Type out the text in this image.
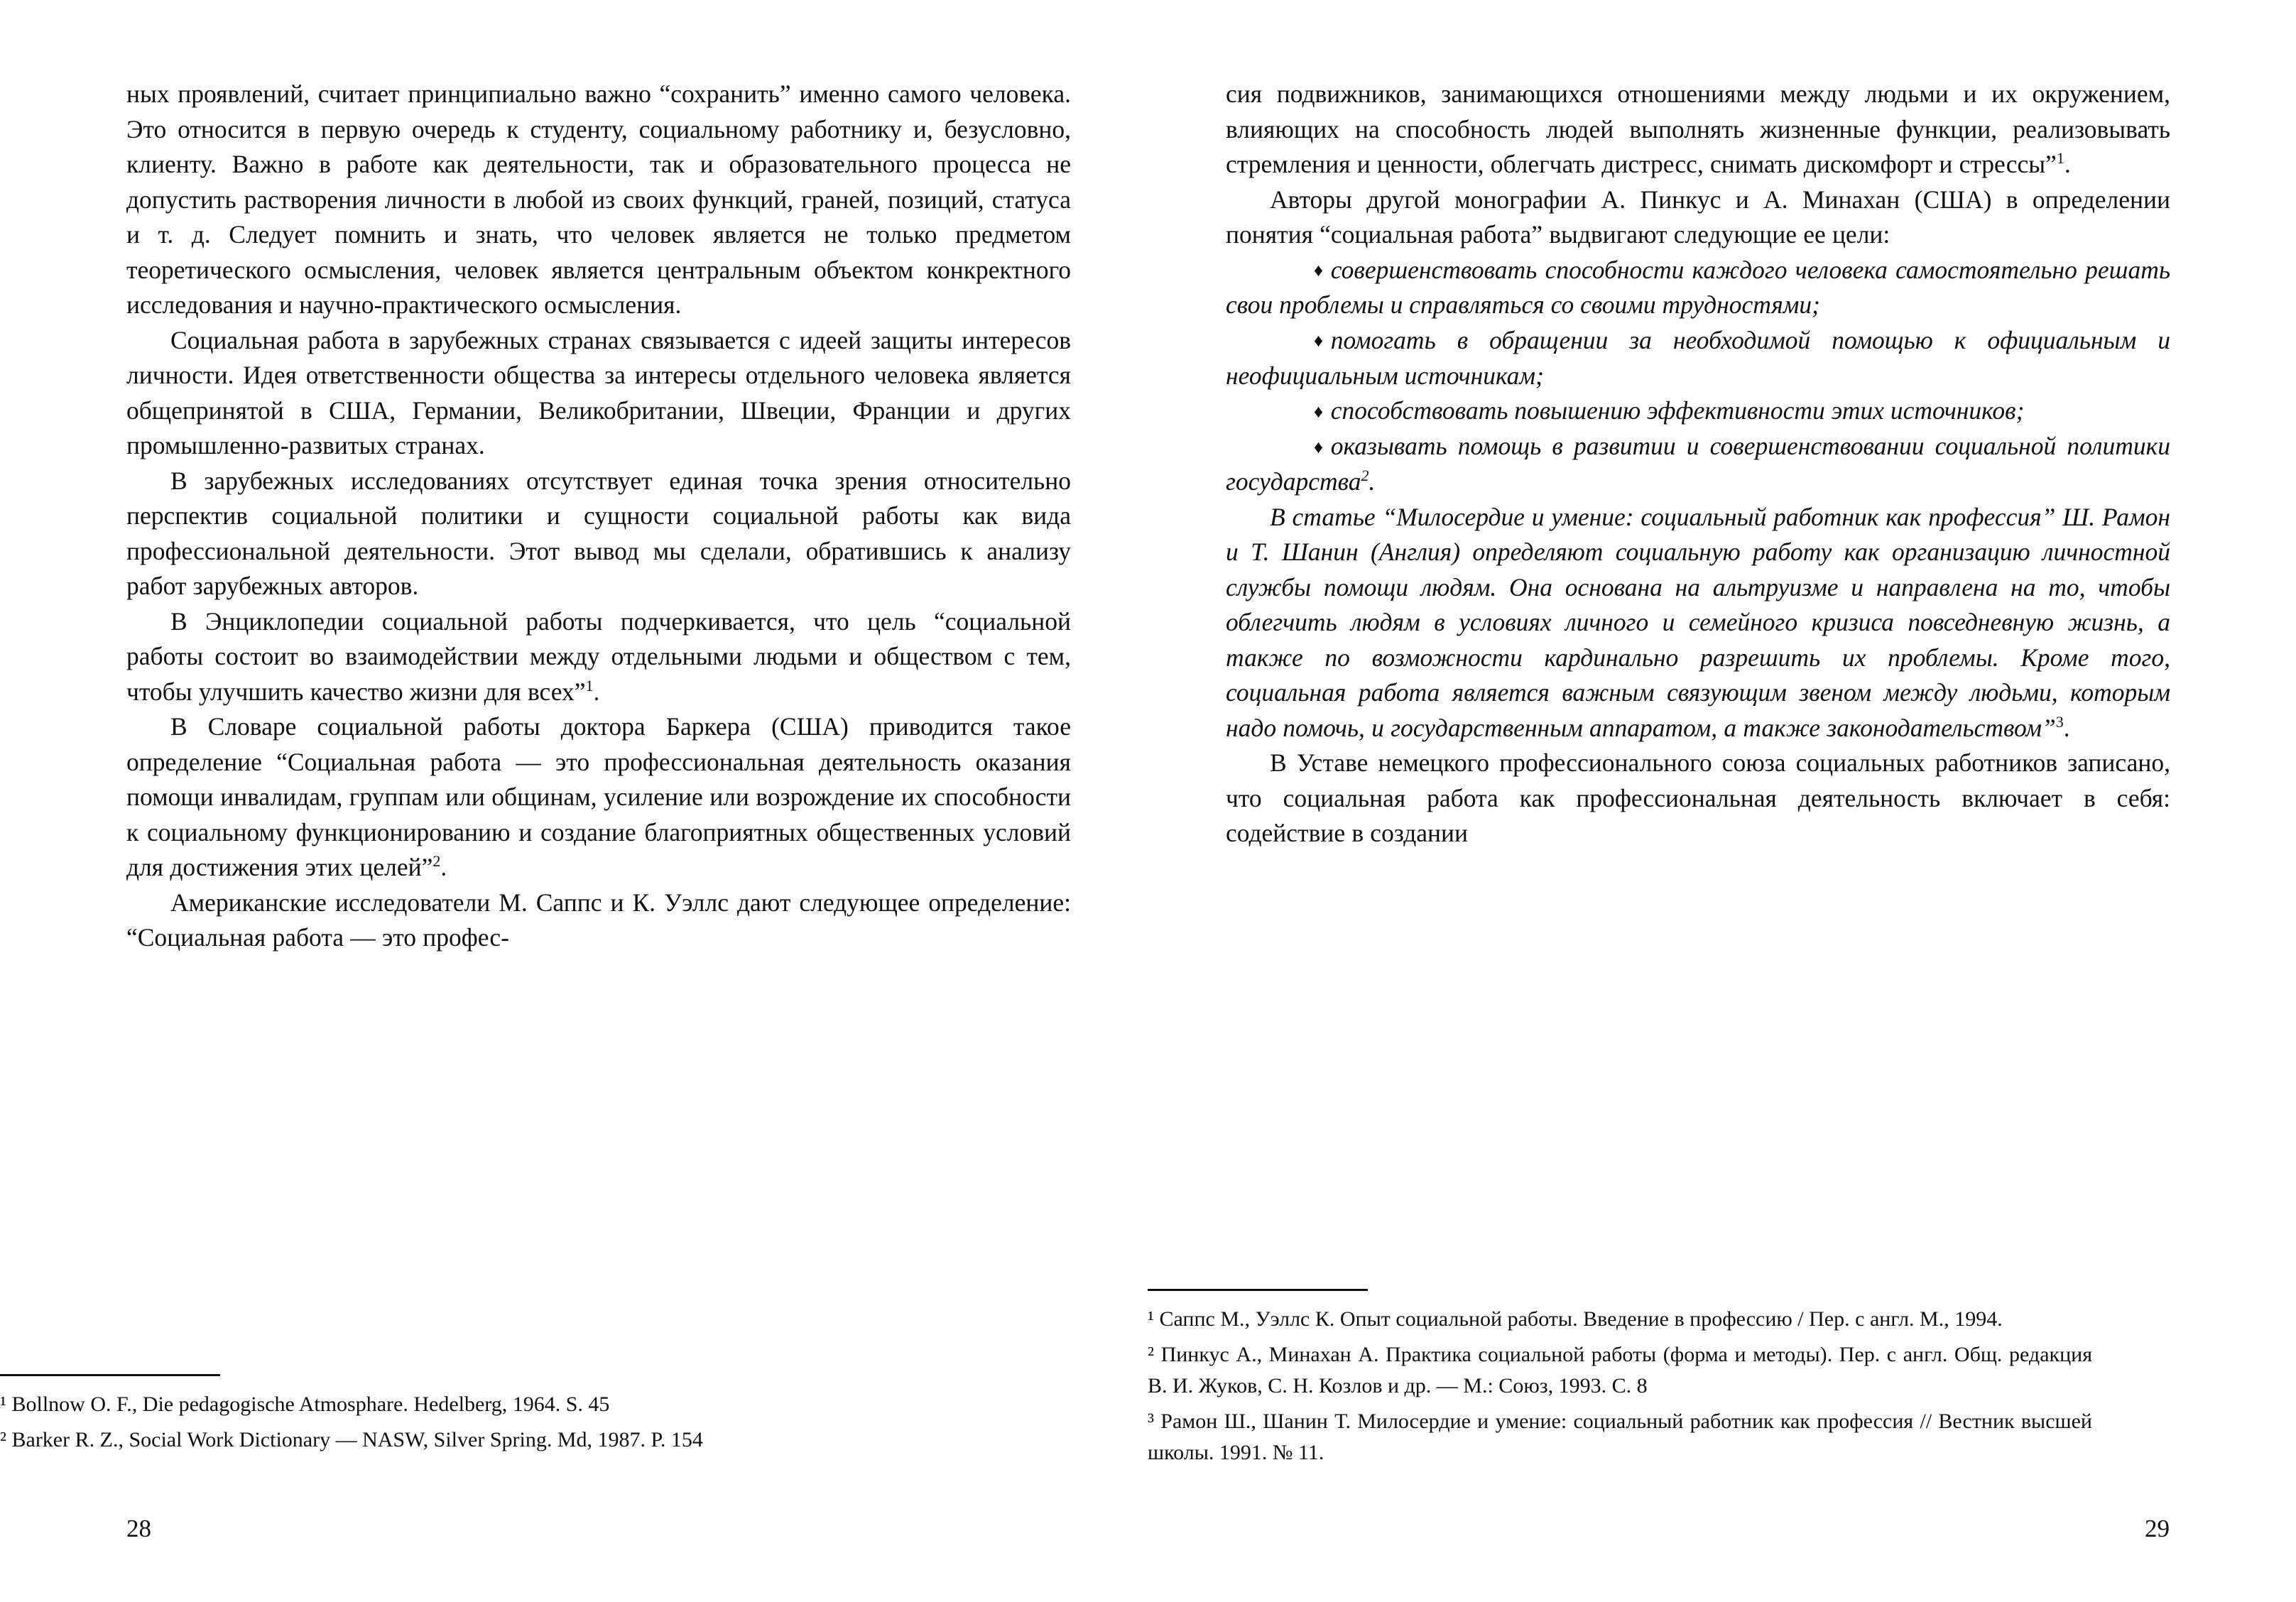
ных проявлений, считает принципиально важно “сохранить” именно самого человека. Это относится в первую очередь к студенту, социальному работнику и, безусловно, клиенту. Важно в работе как деятельности, так и образовательного процесса не допустить растворения личности в любой из своих функций, граней, позиций, статуса и т. д. Следует помнить и знать, что человек является не только предметом теоретического осмысления, человек является центральным объектом конкректного исследования и научно-практического осмысления.

Социальная работа в зарубежных странах связывается с идеей защиты интересов личности. Идея ответственности общества за интересы отдельного человека является общепринятой в США, Германии, Великобритании, Швеции, Франции и других промышленно-развитых странах.

В зарубежных исследованиях отсутствует единая точка зрения относительно перспектив социальной политики и сущности социальной работы как вида профессиональной деятельности. Этот вывод мы сделали, обратившись к анализу работ зарубежных авторов.

В Энциклопедии социальной работы подчеркивается, что цель “социальной работы состоит во взаимодействии между отдельными людьми и обществом с тем, чтобы улучшить качество жизни для всех”$^1$.

В Словаре социальной работы доктора Баркера (США) приводится такое определение “Социальная работа — это профессиональная деятельность оказания помощи инвалидам, группам или общинам, усиление или возрождение их способности к социальному функционированию и создание благоприятных общественных условий для достижения этих целей”$^2$.

Американские исследователи М. Саппс и К. Уэллс дают следующее определение: “Социальная работа — это профес-

¹ Bollnow O. F., Die pedagogische Atmosphare. Hedelberg, 1964. S. 45

² Barker R. Z., Social Work Dictionary — NASW, Silver Spring. Md, 1987. P. 154

28

сия подвижников, занимающихся отношениями между людьми и их окружением, влияющих на способность людей выполнять жизненные функции, реализовывать стремления и ценности, облегчать дистресс, снимать дискомфорт и стрессы”$^1$.

Авторы другой монографии А. Пинкус и А. Минахан (США) в определении понятия “социальная работа” выдвигают следующие ее цели:

♦ совершенствовать способности каждого человека самостоятельно решать свои проблемы и справляться со своими трудностями;

♦ помогать в обращении за необходимой помощью к официальным и неофициальным источникам;

♦ способствовать повышению эффективности этих источников;

♦ оказывать помощь в развитии и совершенствовании социальной политики государства$^2$.

В статье “Милосердие и умение: социальный работник как профессия” Ш. Рамон и Т. Шанин (Англия) определяют социальную работу как организацию личностной службы помощи людям. Она основана на альтруизме и направлена на то, чтобы облегчить людям в условиях личного и семейного кризиса повседневную жизнь, а также по возможности кардинально разрешить их проблемы. Кроме того, социальная работа является важным связующим звеном между людьми, которым надо помочь, и государственным аппаратом, а также законодательством”$^3$.

В Уставе немецкого профессионального союза социальных работников записано, что социальная работа как профессиональная деятельность включает в себя: содействие в создании

¹ Саппс М., Уэллс К. Опыт социальной работы. Введение в профессию / Пер. с англ. М., 1994.

² Пинкус А., Минахан А. Практика социальной работы (форма и методы). Пер. с англ. Общ. редакция В. И. Жуков, С. Н. Козлов и др. — М.: Союз, 1993. С. 8

³ Рамон Ш., Шанин Т. Милосердие и умение: социальный работник как профессия // Вестник высшей школы. 1991. № 11.

29
